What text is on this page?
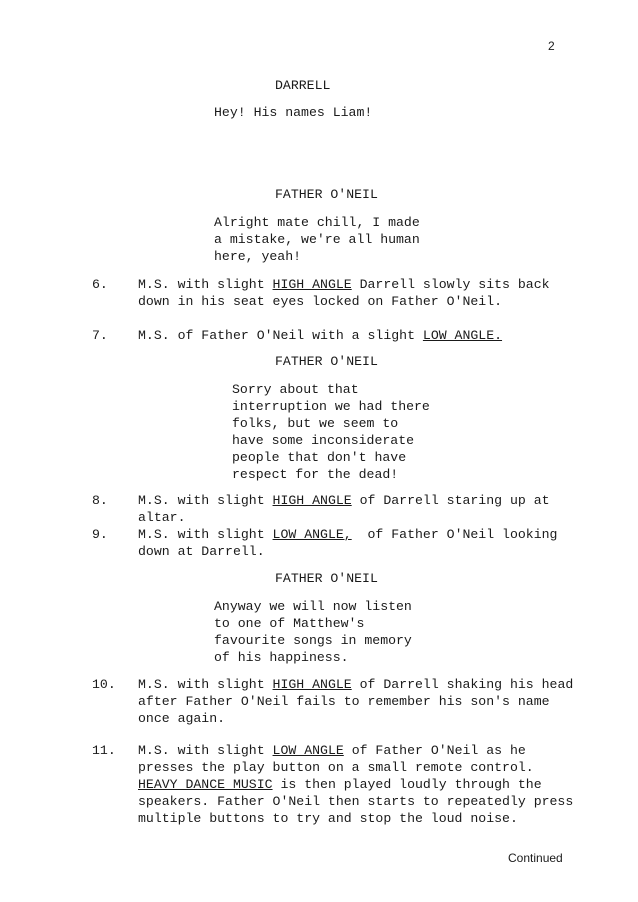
2
DARRELL
Hey! His names Liam!
FATHER O'NEIL
Alright mate chill, I made
a mistake, we're all human
here, yeah!
6. M.S. with slight HIGH ANGLE Darrell slowly sits back
down in his seat eyes locked on Father O'Neil.
7. M.S. of Father O'Neil with a slight LOW ANGLE.
FATHER O'NEIL
Sorry about that
interruption we had there
folks, but we seem to
have some inconsiderate
people that don't have
respect for the dead!
8. M.S. with slight HIGH ANGLE of Darrell staring up at
altar.
9. M.S. with slight LOW ANGLE,  of Father O'Neil looking
down at Darrell.
FATHER O'NEIL
Anyway we will now listen
to one of Matthew's
favourite songs in memory
of his happiness.
10. M.S. with slight HIGH ANGLE of Darrell shaking his head
after Father O'Neil fails to remember his son's name
once again.
11. M.S. with slight LOW ANGLE of Father O'Neil as he
presses the play button on a small remote control.
HEAVY DANCE MUSIC is then played loudly through the
speakers. Father O'Neil then starts to repeatedly press
multiple buttons to try and stop the loud noise.
Continued
